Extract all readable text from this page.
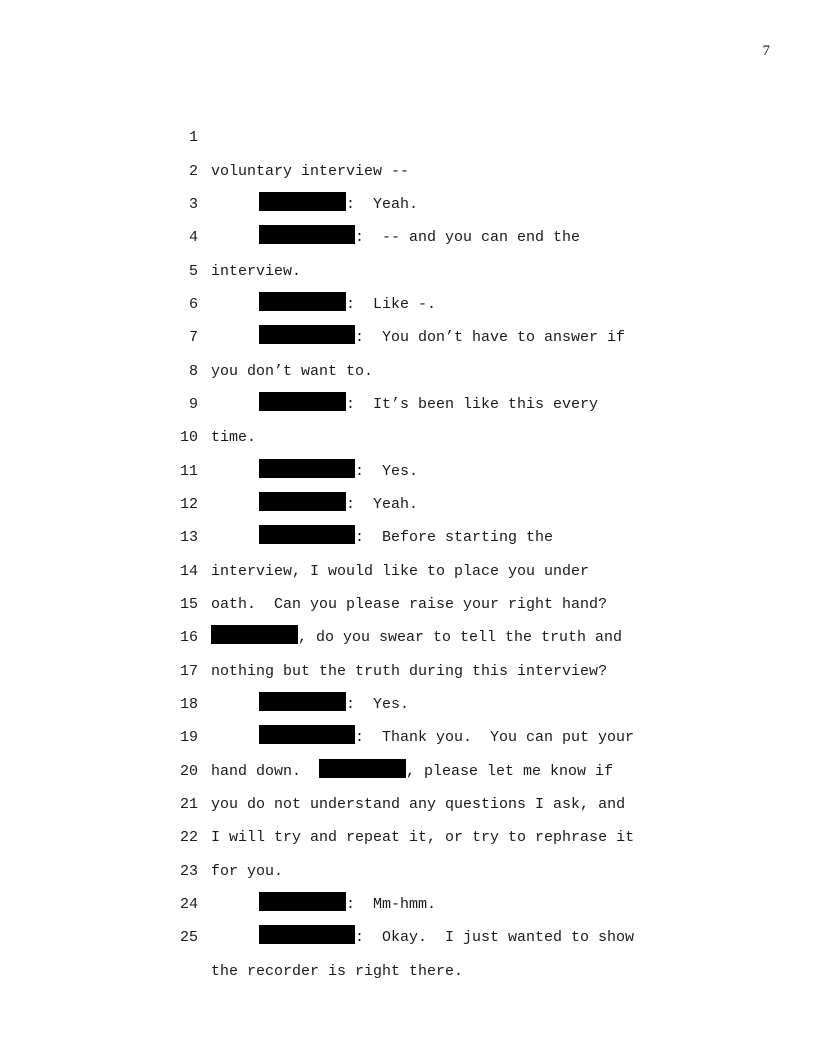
7

1

voluntary interview --

2

:  Yeah.

3

:  -- and you can end the

4

interview.

5

:  Like -.

6

:  You don’t have to answer if

7

you don’t want to.

8

:  It’s been like this every

9

time.

10

:  Yes.

11

:  Yeah.

12

:  Before starting the

13

interview, I would like to place you under

14

oath.  Can you please raise your right hand?

15

, do you swear to tell the truth and

16

nothing but the truth during this interview?

17

:  Yes.

18

:  Thank you.  You can put your

19

hand down.	, please let me know if

20

you do not understand any questions I ask, and

21

I will try and repeat it, or try to rephrase it

22

for you.

23

:  Mm-hmm.

24

:  Okay.  I just wanted to show

25

the recorder is right there.
